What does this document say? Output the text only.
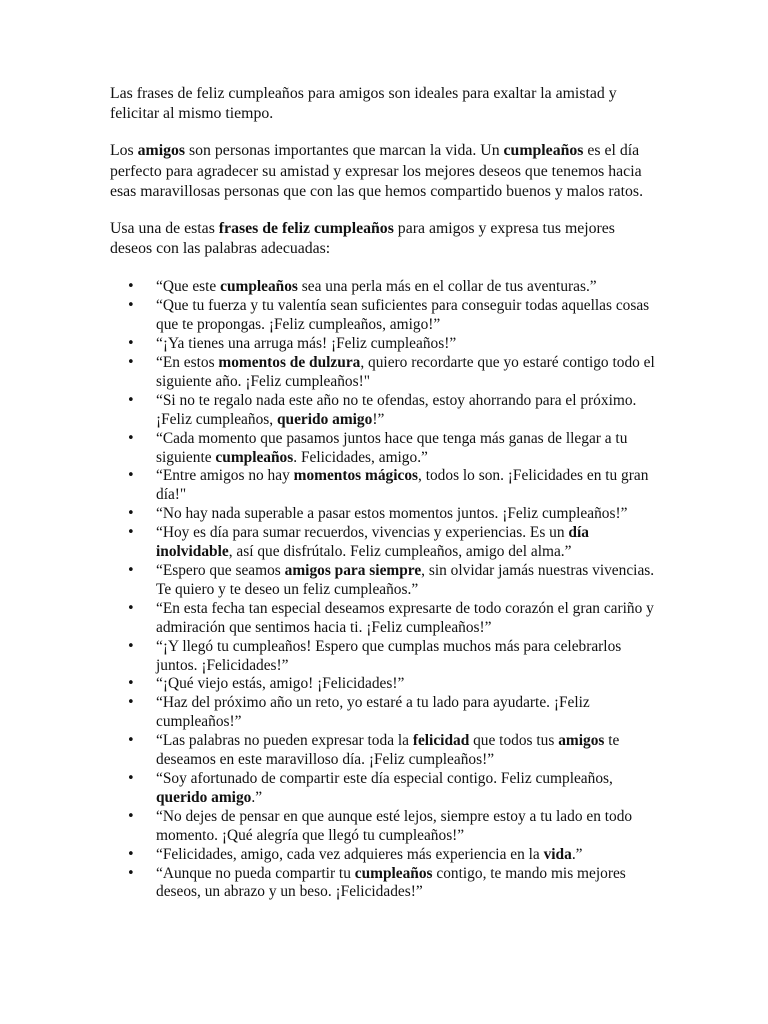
Las frases de feliz cumpleaños para amigos son ideales para exaltar la amistad y felicitar al mismo tiempo.

Los amigos son personas importantes que marcan la vida. Un cumpleaños es el día perfecto para agradecer su amistad y expresar los mejores deseos que tenemos hacia esas maravillosas personas que con las que hemos compartido buenos y malos ratos.

Usa una de estas frases de feliz cumpleaños para amigos y expresa tus mejores deseos con las palabras adecuadas:

• “Que este cumpleaños sea una perla más en el collar de tus aventuras.”
• “Que tu fuerza y tu valentía sean suficientes para conseguir todas aquellas cosas que te propongas. ¡Feliz cumpleaños, amigo!”
• “¡Ya tienes una arruga más! ¡Feliz cumpleaños!”
• “En estos momentos de dulzura, quiero recordarte que yo estaré contigo todo el siguiente año. ¡Feliz cumpleaños!"
• “Si no te regalo nada este año no te ofendas, estoy ahorrando para el próximo. ¡Feliz cumpleaños, querido amigo!”
• “Cada momento que pasamos juntos hace que tenga más ganas de llegar a tu siguiente cumpleaños. Felicidades, amigo.”
• “Entre amigos no hay momentos mágicos, todos lo son. ¡Felicidades en tu gran día!"
• “No hay nada superable a pasar estos momentos juntos. ¡Feliz cumpleaños!”
• “Hoy es día para sumar recuerdos, vivencias y experiencias. Es un día inolvidable, así que disfrútalo. Feliz cumpleaños, amigo del alma.”
• “Espero que seamos amigos para siempre, sin olvidar jamás nuestras vivencias. Te quiero y te deseo un feliz cumpleaños.”
• “En esta fecha tan especial deseamos expresarte de todo corazón el gran cariño y admiración que sentimos hacia ti. ¡Feliz cumpleaños!”
• “¡Y llegó tu cumpleaños! Espero que cumplas muchos más para celebrarlos juntos. ¡Felicidades!”
• “¡Qué viejo estás, amigo! ¡Felicidades!”
• “Haz del próximo año un reto, yo estaré a tu lado para ayudarte. ¡Feliz cumpleaños!”
• “Las palabras no pueden expresar toda la felicidad que todos tus amigos te deseamos en este maravilloso día. ¡Feliz cumpleaños!”
• “Soy afortunado de compartir este día especial contigo. Feliz cumpleaños, querido amigo.”
• “No dejes de pensar en que aunque esté lejos, siempre estoy a tu lado en todo momento. ¡Qué alegría que llegó tu cumpleaños!”
• “Felicidades, amigo, cada vez adquieres más experiencia en la vida.”
• “Aunque no pueda compartir tu cumpleaños contigo, te mando mis mejores deseos, un abrazo y un beso. ¡Felicidades!”
